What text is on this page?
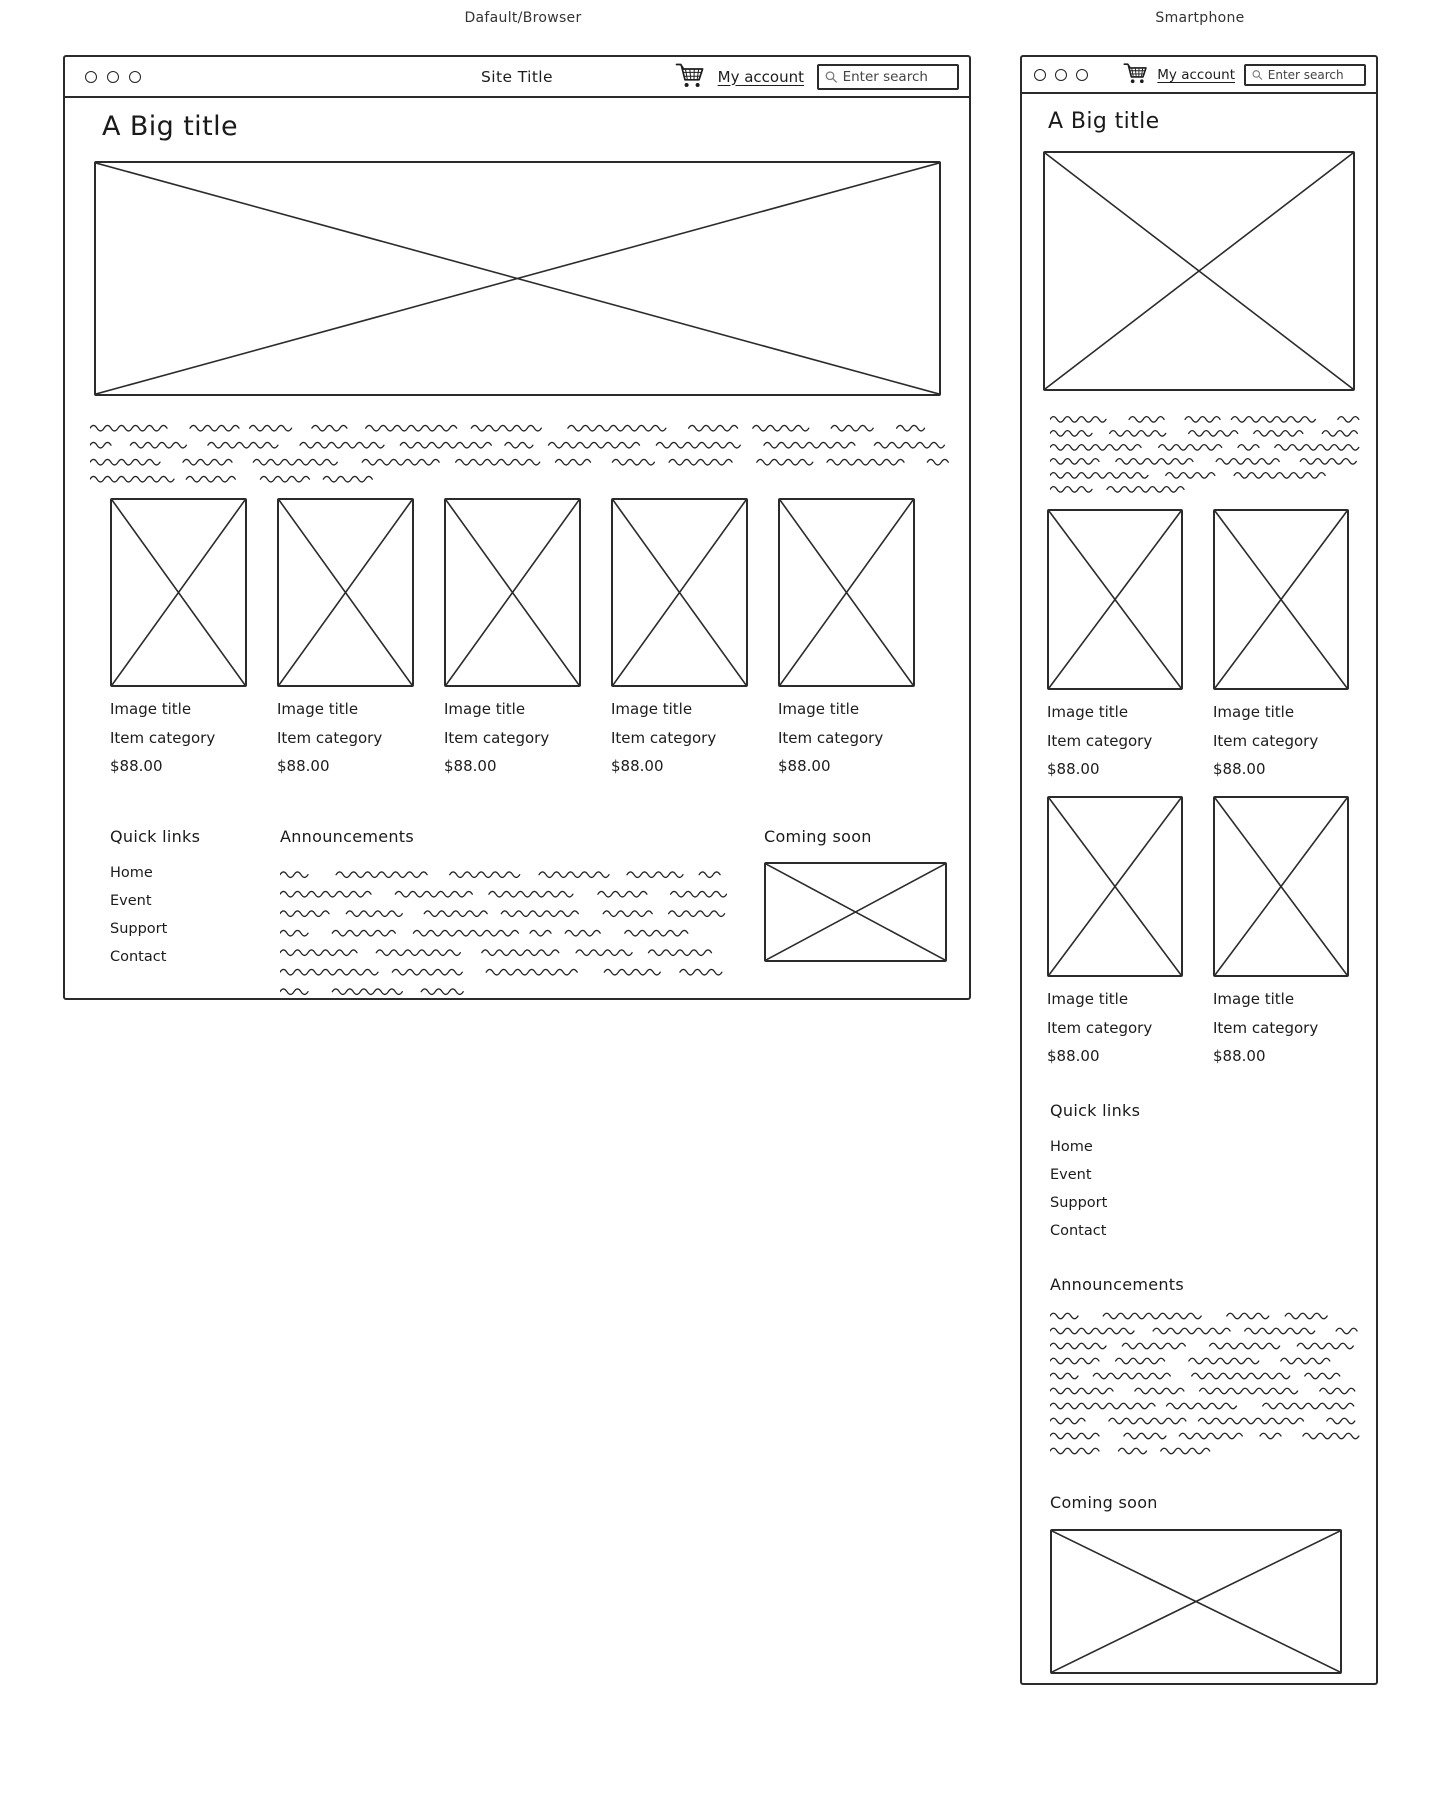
Dafault/Browser	Smartphone
Site Title	My account
Enter search
A Big title
Image title
Item category
$88.00
Image title
Item category
$88.00
Image title
Item category
$88.00
Image title
Item category
$88.00
Image title
Item category
$88.00
Quick links
Home
Event
Support
Contact
Announcements	Coming soon
My account
Enter search
A Big title
Image title
Item category
$88.00
Image title
Item category
$88.00
Image title
Item category
$88.00
Image title
Item category
$88.00
Quick links
Home
Event
Support
Contact
Announcements
Coming soon
